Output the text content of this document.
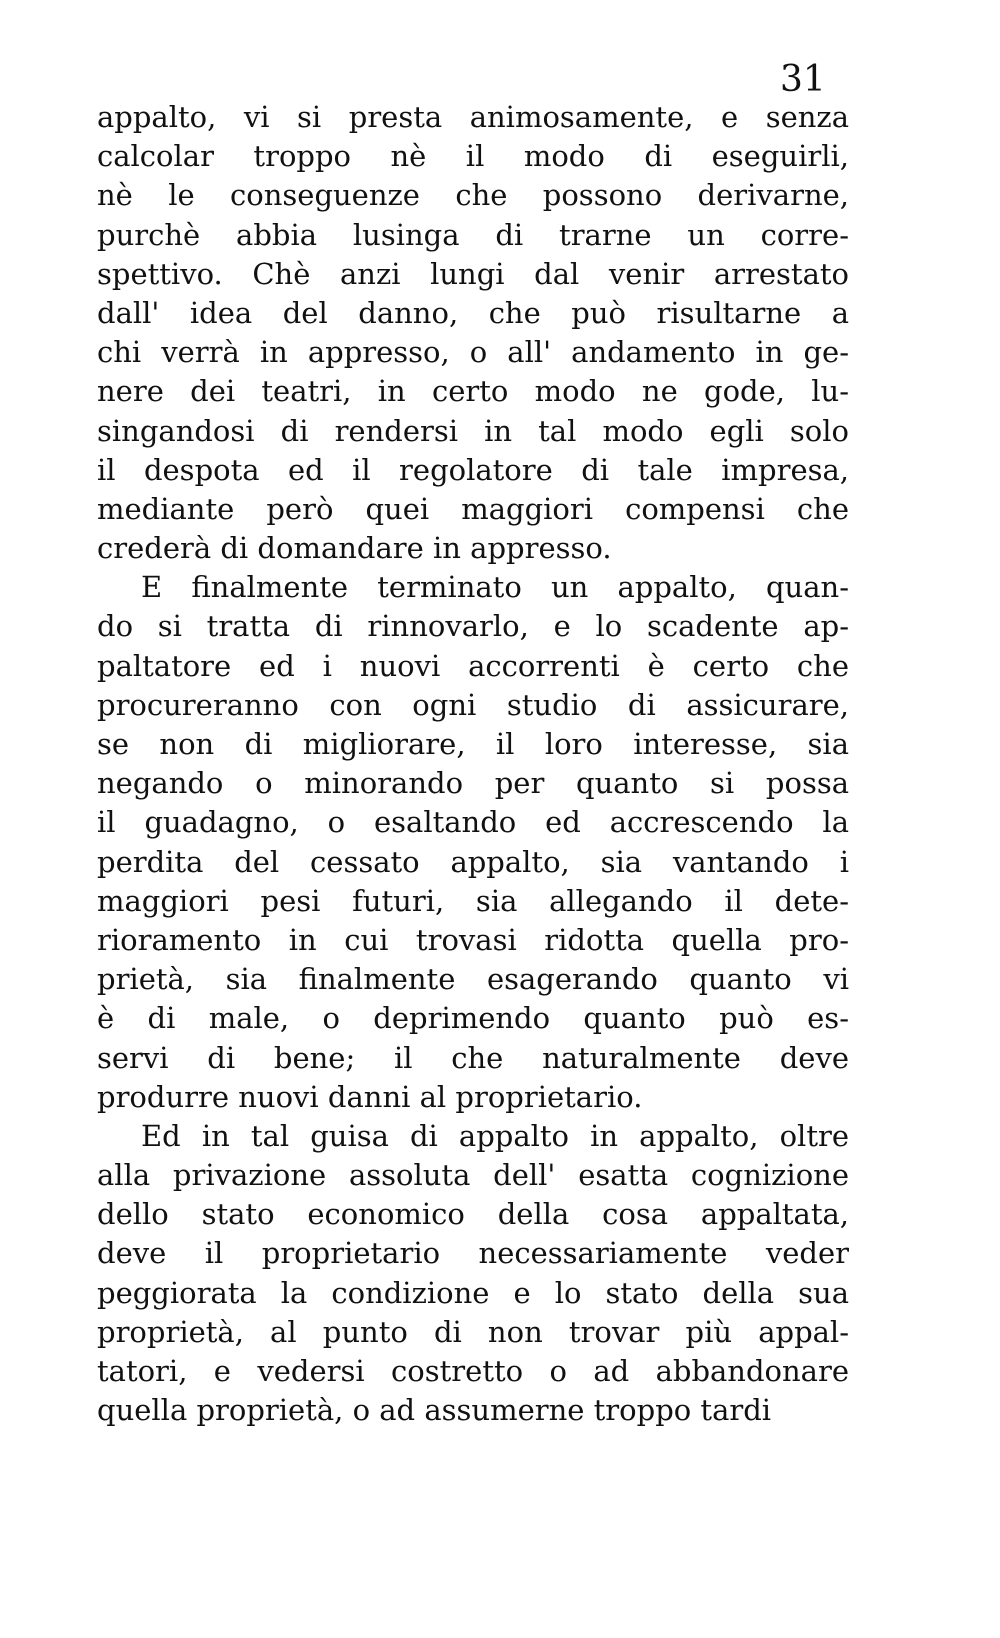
31
appalto, vi si presta animosamente, e senza
calcolar troppo nè il modo di eseguirli,
nè le conseguenze che possono derivarne,
purchè abbia lusinga di trarne un corre-
spettivo. Chè anzi lungi dal venir arrestato
dall' idea del danno, che può risultarne a
chi verrà in appresso, o all' andamento in ge-
nere dei teatri, in certo modo ne gode, lu-
singandosi di rendersi in tal modo egli solo
il despota ed il regolatore di tale impresa,
mediante però quei maggiori compensi che
crederà di domandare in appresso.
E finalmente terminato un appalto, quan-
do si tratta di rinnovarlo, e lo scadente ap-
paltatore ed i nuovi accorrenti è certo che
procureranno con ogni studio di assicurare,
se non di migliorare, il loro interesse, sia
negando o minorando per quanto si possa
il guadagno, o esaltando ed accrescendo la
perdita del cessato appalto, sia vantando i
maggiori pesi futuri, sia allegando il dete-
rioramento in cui trovasi ridotta quella pro-
prietà, sia finalmente esagerando quanto vi
è di male, o deprimendo quanto può es-
servi di bene; il che naturalmente deve
produrre nuovi danni al proprietario.
Ed in tal guisa di appalto in appalto, oltre
alla privazione assoluta dell' esatta cognizione
dello stato economico della cosa appaltata,
deve il proprietario necessariamente veder
peggiorata la condizione e lo stato della sua
proprietà, al punto di non trovar più appal-
tatori, e vedersi costretto o ad abbandonare
quella proprietà, o ad assumerne troppo tardi
